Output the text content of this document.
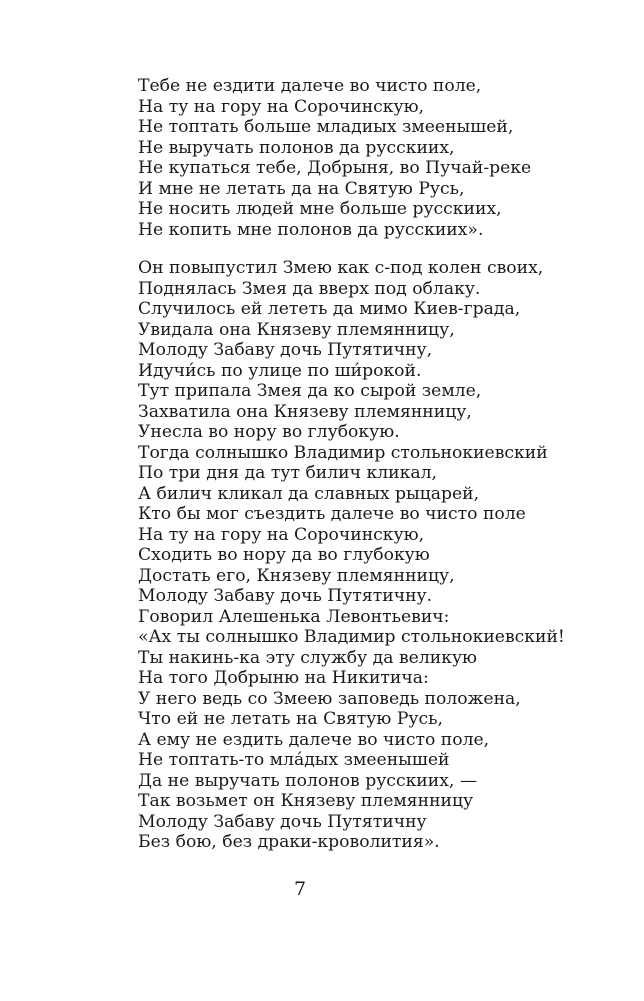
Тебе не ездити далече во чисто поле,
На ту на гору на Сорочинскую,
Не топтать больше младиых змеенышей,
Не выручать полонов да русскиих,
Не купаться тебе, Добрыня, во Пучай-реке
И мне не летать да на Святую Русь,
Не носить людей мне больше русскиих,
Не копить мне полонов да русскиих».
Он повыпустил Змею как с-под колен своих,
Поднялась Змея да вверх под облаку.
Случилось ей лететь да мимо Киев-града,
Увидала она Князеву племянницу,
Молоду Забаву дочь Путятичну,
Идучи́сь по улице по ши́рокой.
Тут припала Змея да ко сырой земле,
Захватила она Князеву племянницу,
Унесла во нору во глубокую.
Тогда солнышко Владимир стольнокиевский
По три дня да тут билич кликал,
А билич кликал да славных рыцарей,
Кто бы мог съездить далече во чисто поле
На ту на гору на Сорочинскую,
Сходить во нору да во глубокую
Достать его, Князеву племянницу,
Молоду Забаву дочь Путятичну.
Говорил Алешенька Левонтьевич:
«Ах ты солнышко Владимир стольнокиевский!
Ты накинь-ка эту службу да великую
На того Добрыню на Никитича:
У него ведь со Змеею заповедь положена,
Что ей не летать на Святую Русь,
А ему не ездить далече во чисто поле,
Не топтать-то мла́дых змеенышей
Да не выручать полонов русскиих, —
Так возьмет он Князеву племянницу
Молоду Забаву дочь Путятичну
Без бою, без драки-кроволития».
7
